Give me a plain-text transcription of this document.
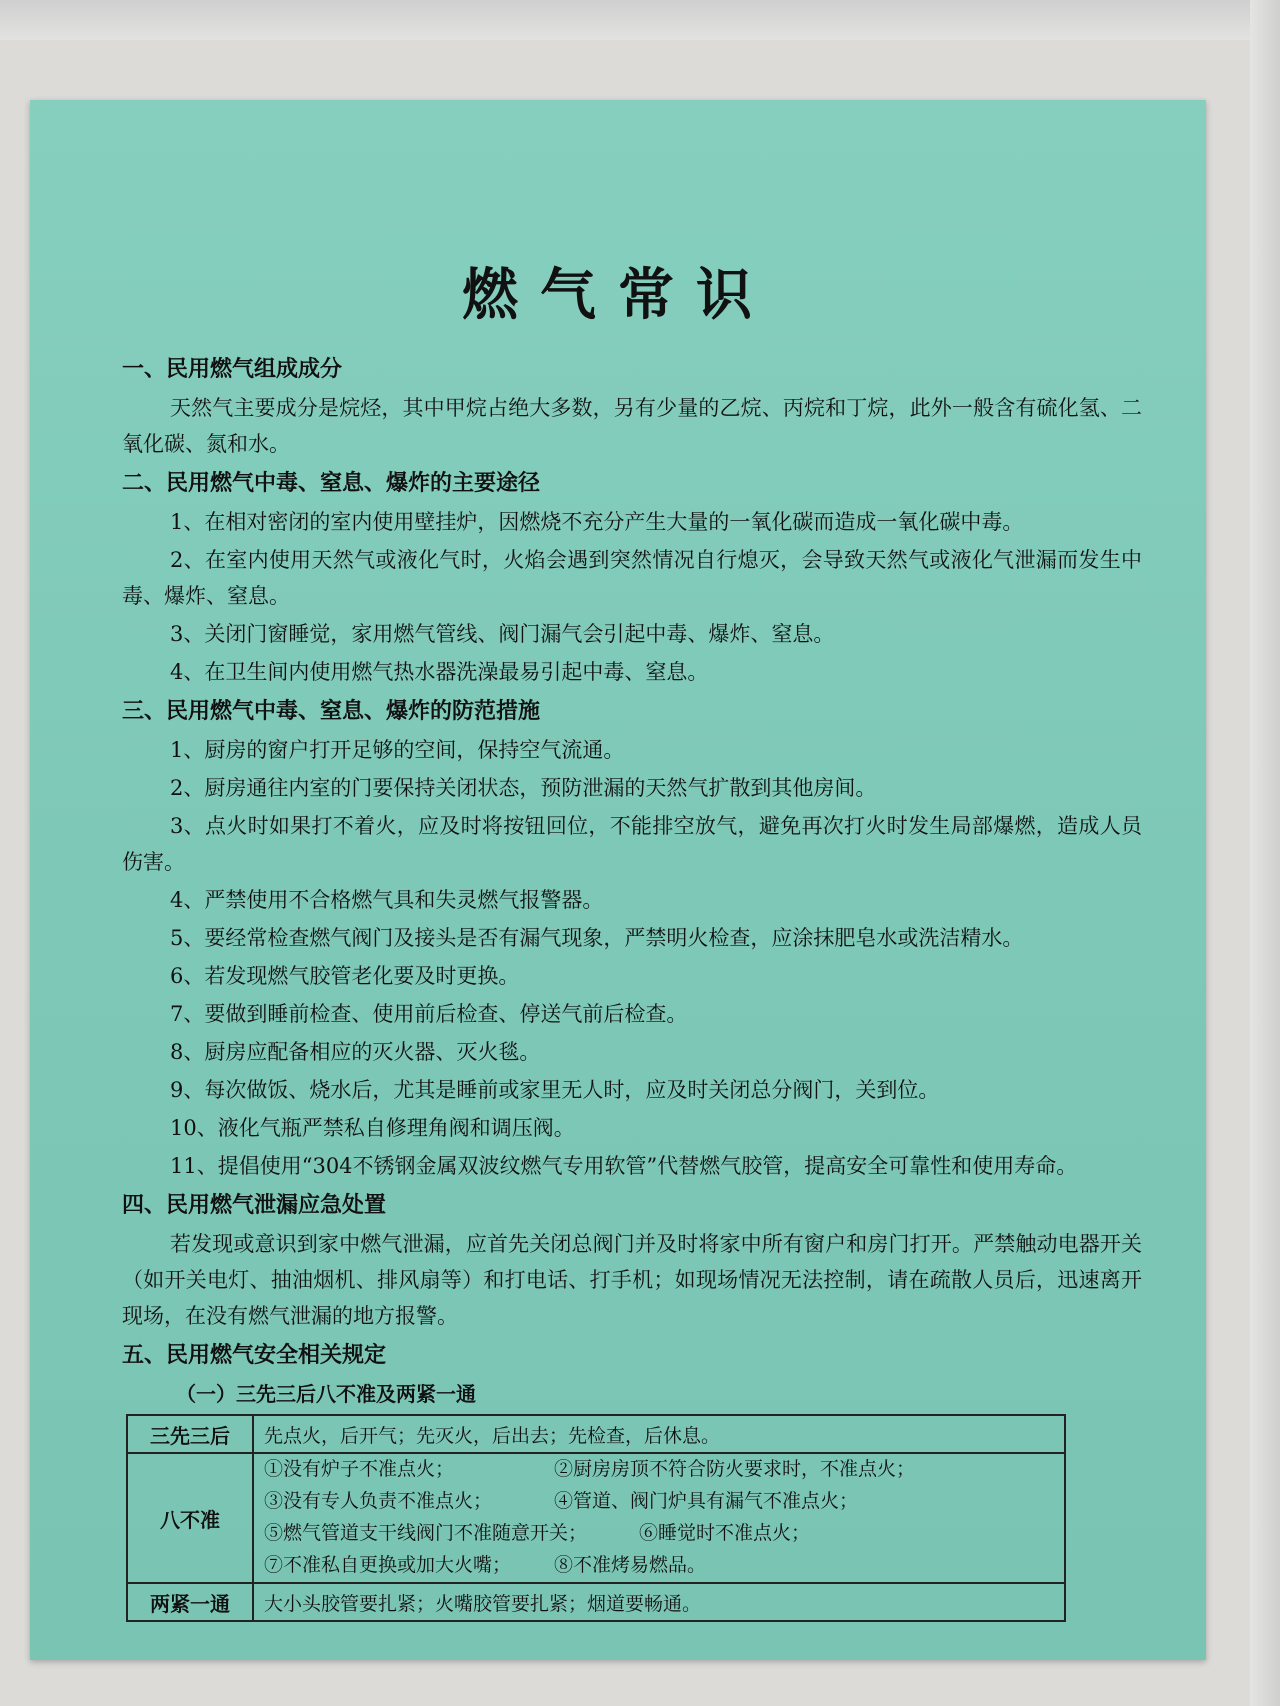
燃气常识

一、民用燃气组成成分

天然气主要成分是烷烃，其中甲烷占绝大多数，另有少量的乙烷、丙烷和丁烷，此外一般含有硫化氢、二氧化碳、氮和水。

二、民用燃气中毒、窒息、爆炸的主要途径

1、在相对密闭的室内使用壁挂炉，因燃烧不充分产生大量的一氧化碳而造成一氧化碳中毒。

2、在室内使用天然气或液化气时，火焰会遇到突然情况自行熄灭，会导致天然气或液化气泄漏而发生中毒、爆炸、窒息。

3、关闭门窗睡觉，家用燃气管线、阀门漏气会引起中毒、爆炸、窒息。

4、在卫生间内使用燃气热水器洗澡最易引起中毒、窒息。

三、民用燃气中毒、窒息、爆炸的防范措施

1、厨房的窗户打开足够的空间，保持空气流通。

2、厨房通往内室的门要保持关闭状态，预防泄漏的天然气扩散到其他房间。

3、点火时如果打不着火，应及时将按钮回位，不能排空放气，避免再次打火时发生局部爆燃，造成人员伤害。

4、严禁使用不合格燃气具和失灵燃气报警器。

5、要经常检查燃气阀门及接头是否有漏气现象，严禁明火检查，应涂抹肥皂水或洗洁精水。

6、若发现燃气胶管老化要及时更换。

7、要做到睡前检查、使用前后检查、停送气前后检查。

8、厨房应配备相应的灭火器、灭火毯。

9、每次做饭、烧水后，尤其是睡前或家里无人时，应及时关闭总分阀门，关到位。

10、液化气瓶严禁私自修理角阀和调压阀。

11、提倡使用“304不锈钢金属双波纹燃气专用软管”代替燃气胶管，提高安全可靠性和使用寿命。

四、民用燃气泄漏应急处置

若发现或意识到家中燃气泄漏，应首先关闭总阀门并及时将家中所有窗户和房门打开。严禁触动电器开关（如开关电灯、抽油烟机、排风扇等）和打电话、打手机；如现场情况无法控制，请在疏散人员后，迅速离开现场，在没有燃气泄漏的地方报警。

五、民用燃气安全相关规定

（一）三先三后八不准及两紧一通

三先三后	先点火，后开气；先灭火，后出去；先检查，后休息。
八不准	①没有炉子不准点火； ②厨房房顶不符合防火要求时，不准点火；
③没有专人负责不准点火； ④管道、阀门炉具有漏气不准点火；
⑤燃气管道支干线阀门不准随意开关； ⑥睡觉时不准点火；
⑦不准私自更换或加大火嘴； ⑧不准烤易燃品。

两紧一通	大小头胶管要扎紧；火嘴胶管要扎紧；烟道要畅通。
